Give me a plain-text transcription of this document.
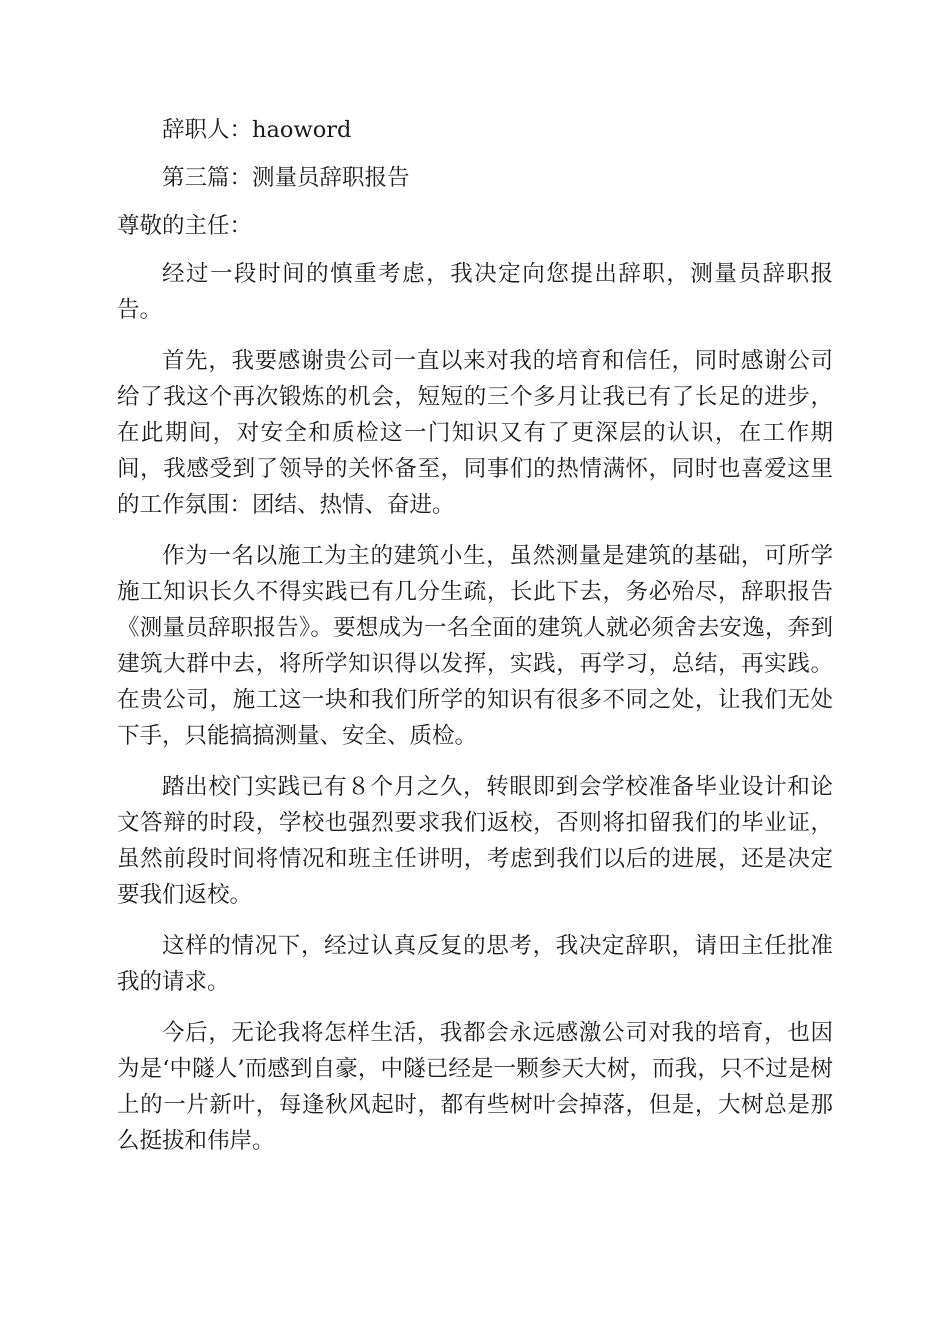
辞职人：haoword

第三篇：测量员辞职报告

尊敬的主任：

经过一段时间的慎重考虑，我决定向您提出辞职，测量员辞职报告。

首先，我要感谢贵公司一直以来对我的培育和信任，同时感谢公司给了我这个再次锻炼的机会，短短的三个多月让我已有了长足的进步，在此期间，对安全和质检这一门知识又有了更深层的认识，在工作期间，我感受到了领导的关怀备至，同事们的热情满怀，同时也喜爱这里的工作氛围：团结、热情、奋进。

作为一名以施工为主的建筑小生，虽然测量是建筑的基础，可所学施工知识长久不得实践已有几分生疏，长此下去，务必殆尽，辞职报告《测量员辞职报告》。要想成为一名全面的建筑人就必须舍去安逸，奔到建筑大群中去，将所学知识得以发挥，实践，再学习，总结，再实践。在贵公司，施工这一块和我们所学的知识有很多不同之处，让我们无处下手，只能搞搞测量、安全、质检。

踏出校门实践已有８个月之久，转眼即到会学校准备毕业设计和论文答辩的时段，学校也强烈要求我们返校，否则将扣留我们的毕业证，虽然前段时间将情况和班主任讲明，考虑到我们以后的进展，还是决定要我们返校。

这样的情况下，经过认真反复的思考，我决定辞职，请田主任批准我的请求。

今后，无论我将怎样生活，我都会永远感激公司对我的培育，也因为是‘中隧人’而感到自豪，中隧已经是一颗参天大树，而我，只不过是树上的一片新叶，每逢秋风起时，都有些树叶会掉落，但是，大树总是那么挺拔和伟岸。
